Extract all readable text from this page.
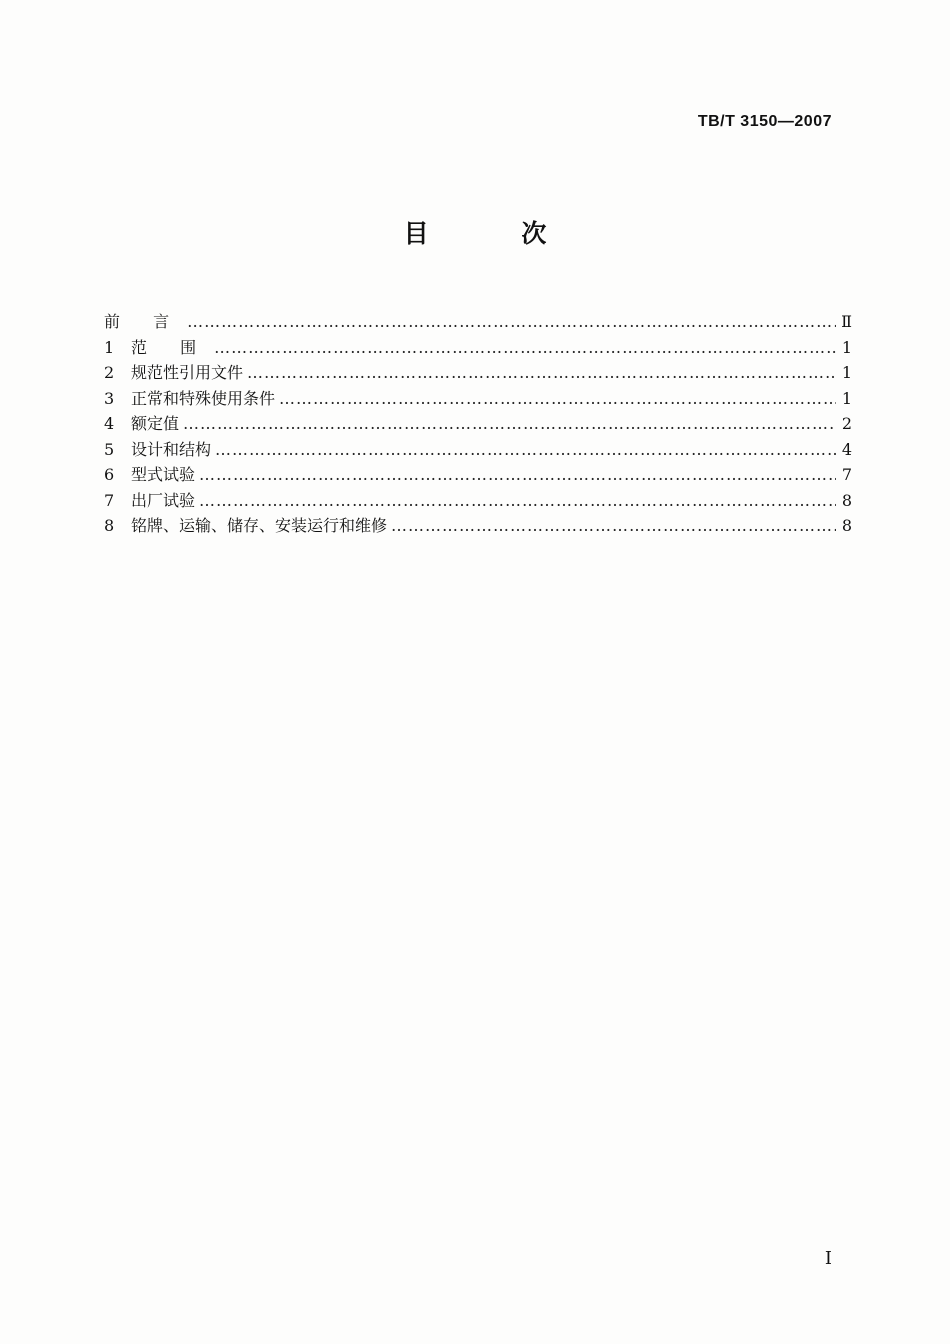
TB/T 3150—2007
目 次
前 言 …………………………………………………………………………………………………………………………………………………………………………………………………	Ⅱ
1	范 围 …………………………………………………………………………………………………………………………………………………………………………………………………	1
2	规范性引用文件 …………………………………………………………………………………………………………………………………………………………………………………………………	1
3	正常和特殊使用条件 …………………………………………………………………………………………………………………………………………………………………………………………………	1
4	额定值 …………………………………………………………………………………………………………………………………………………………………………………………………	2
5	设计和结构 …………………………………………………………………………………………………………………………………………………………………………………………………	4
6	型式试验 …………………………………………………………………………………………………………………………………………………………………………………………………	7
7	出厂试验 …………………………………………………………………………………………………………………………………………………………………………………………………	8
8	铭牌、运输、储存、安装运行和维修 …………………………………………………………………………………………………………………………………………………………………………………………………	8
Ⅰ
